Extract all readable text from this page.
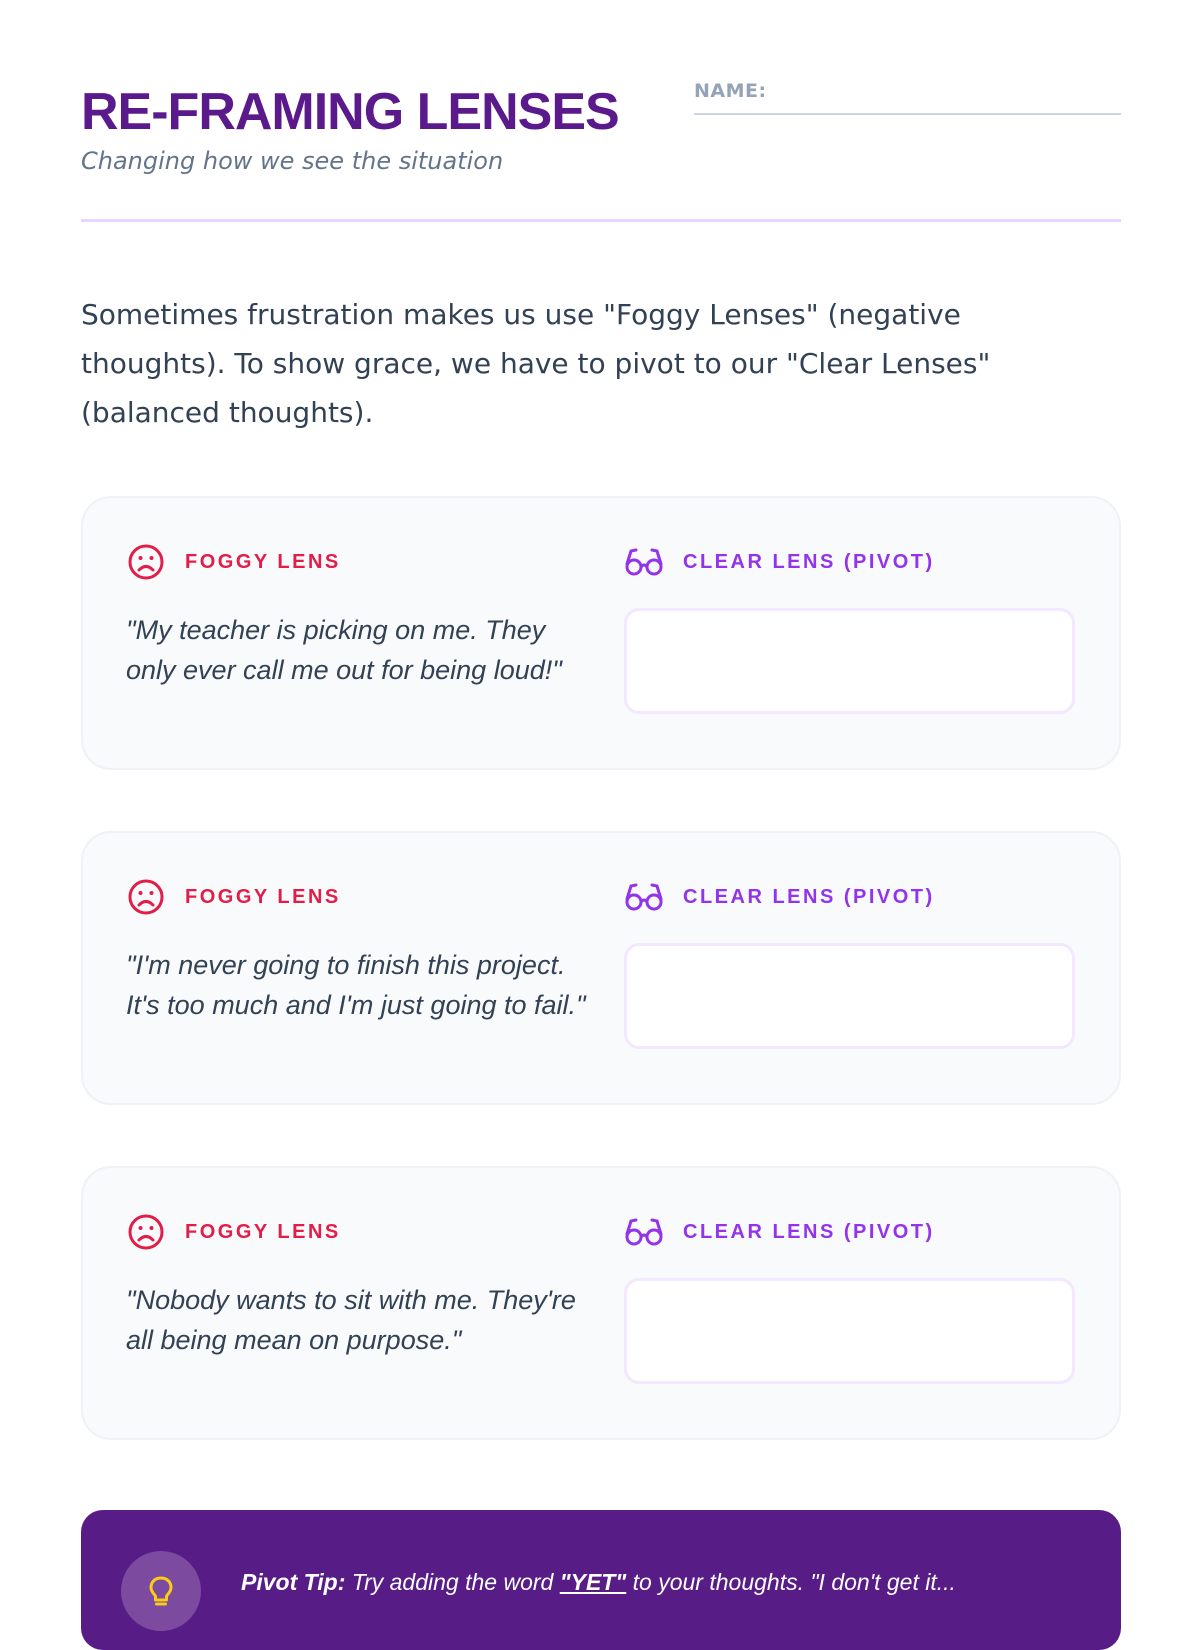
RE-FRAMING LENSES
Changing how we see the situation
NAME:
Sometimes frustration makes us use "Foggy Lenses" (negative thoughts). To show grace, we have to pivot to our "Clear Lenses" (balanced thoughts).
FOGGY LENS
"My teacher is picking on me. They only ever call me out for being loud!"
CLEAR LENS (PIVOT)
FOGGY LENS
"I'm never going to finish this project. It's too much and I'm just going to fail."
CLEAR LENS (PIVOT)
FOGGY LENS
"Nobody wants to sit with me. They're all being mean on purpose."
CLEAR LENS (PIVOT)
Pivot Tip: Try adding the word "YET" to your thoughts. "I don't get it...
